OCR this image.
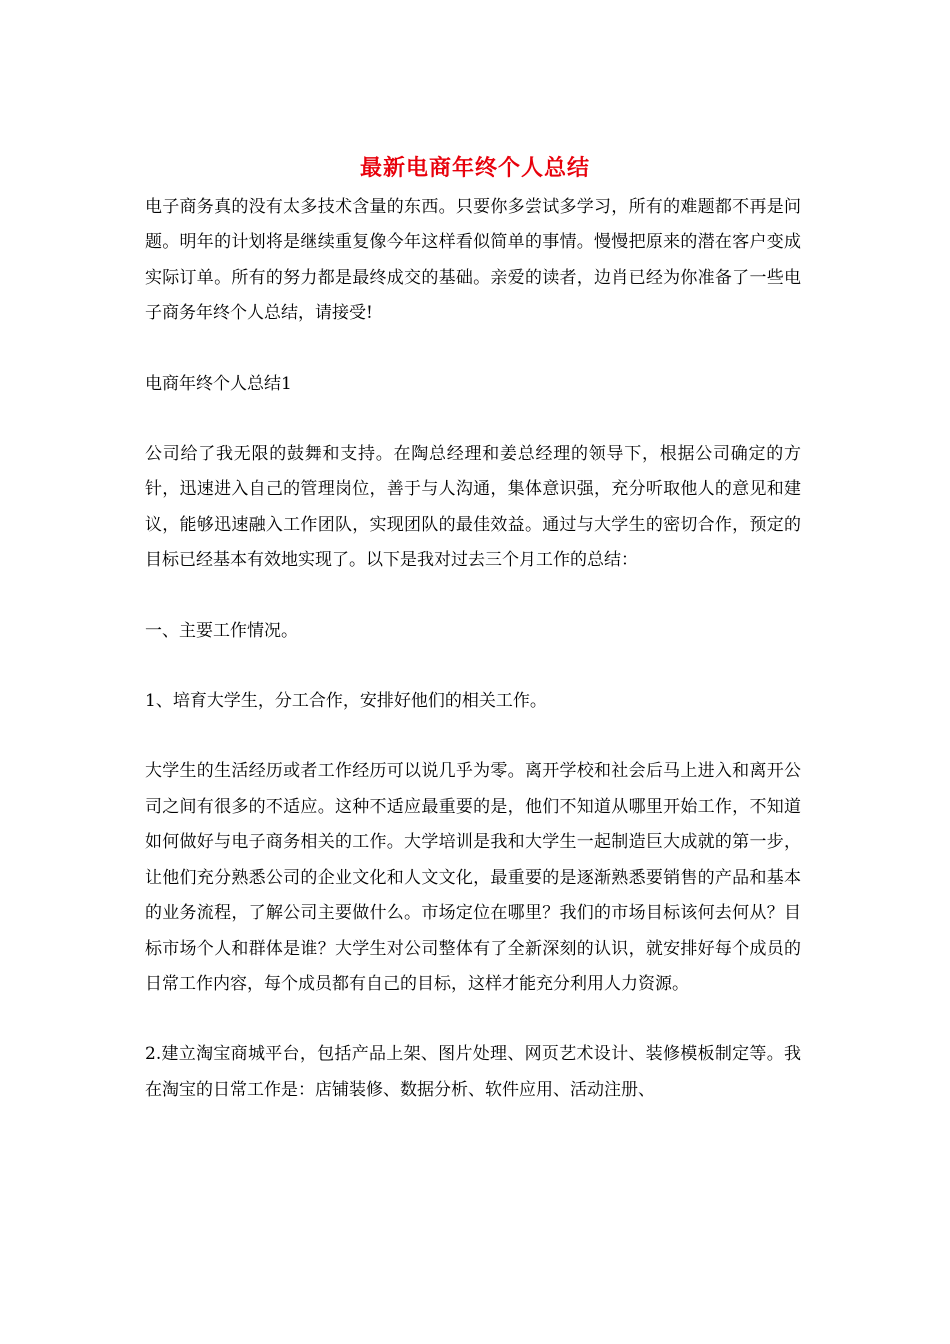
最新电商年终个人总结

电子商务真的没有太多技术含量的东西。只要你多尝试多学习，所有的难题都不再是问题。明年的计划将是继续重复像今年这样看似简单的事情。慢慢把原来的潜在客户变成实际订单。所有的努力都是最终成交的基础。亲爱的读者，边肖已经为你准备了一些电子商务年终个人总结，请接受!

电商年终个人总结1

公司给了我无限的鼓舞和支持。在陶总经理和姜总经理的领导下，根据公司确定的方针，迅速进入自己的管理岗位，善于与人沟通，集体意识强，充分听取他人的意见和建议，能够迅速融入工作团队，实现团队的最佳效益。通过与大学生的密切合作，预定的目标已经基本有效地实现了。以下是我对过去三个月工作的总结：

一、主要工作情况。

1、培育大学生，分工合作，安排好他们的相关工作。

大学生的生活经历或者工作经历可以说几乎为零。离开学校和社会后马上进入和离开公司之间有很多的不适应。这种不适应最重要的是，他们不知道从哪里开始工作，不知道如何做好与电子商务相关的工作。大学培训是我和大学生一起制造巨大成就的第一步，让他们充分熟悉公司的企业文化和人文文化，最重要的是逐渐熟悉要销售的产品和基本的业务流程，了解公司主要做什么。市场定位在哪里？我们的市场目标该何去何从？目标市场个人和群体是谁？大学生对公司整体有了全新深刻的认识，就安排好每个成员的日常工作内容，每个成员都有自己的目标，这样才能充分利用人力资源。

2.建立淘宝商城平台，包括产品上架、图片处理、网页艺术设计、装修模板制定等。我在淘宝的日常工作是：店铺装修、数据分析、软件应用、活动注册、
